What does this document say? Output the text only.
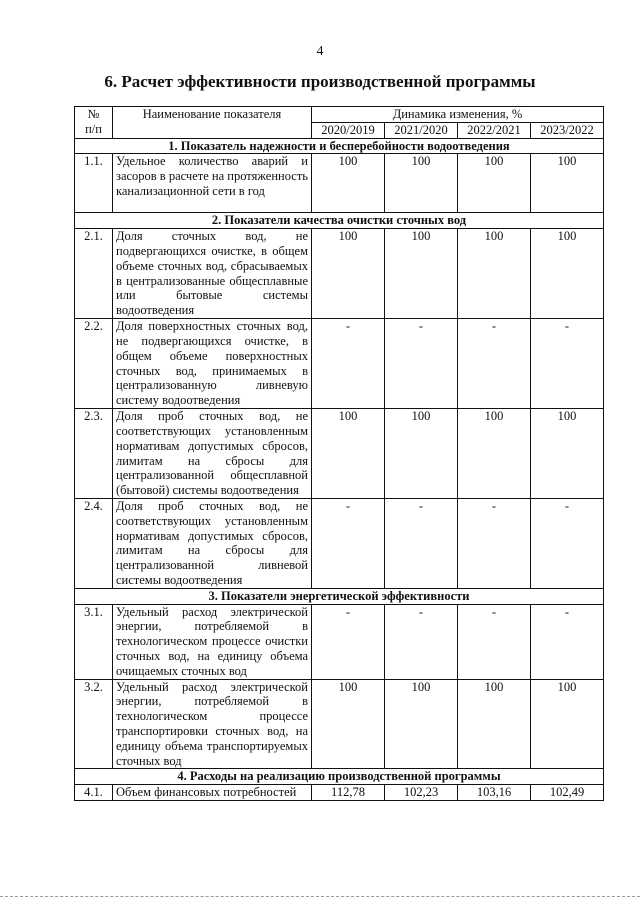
4
6. Расчет эффективности производственной программы
№
п/п	Наименование показателя	Динамика изменения, %			
		2020/2019	2021/2020	2022/2021	2023/2022
1. Показатель надежности и бесперебойности водоотведения					
1.1.	Удельное количество аварий и засоров в расчете на протяженность канализационной сети в год	100	100	100	100
2. Показатели качества очистки сточных вод					
2.1.	Доля сточных вод, не подвергающихся очистке, в общем объеме сточных вод, сбрасываемых в централизованные общесплавные или бытовые системы водоотведения	100	100	100	100
2.2.	Доля поверхностных сточных вод, не подвергающихся очистке, в общем объеме поверхностных сточных вод, принимаемых в централизованную ливневую систему водоотведения	-	-	-	-
2.3.	Доля проб сточных вод, не соответствующих установленным нормативам допустимых сбросов, лимитам на сбросы для централизованной общесплавной (бытовой) системы водоотведения	100	100	100	100
2.4.	Доля проб сточных вод, не соответствующих установленным нормативам допустимых сбросов, лимитам на сбросы для централизованной ливневой системы водоотведения	-	-	-	-
3. Показатели энергетической эффективности					
3.1.	Удельный расход электрической энергии, потребляемой в технологическом процессе очистки сточных вод, на единицу объема очищаемых сточных вод	-	-	-	-
3.2.	Удельный расход электрической энергии, потребляемой в технологическом процессе транспортировки сточных вод, на единицу объема транспортируемых сточных вод	100	100	100	100
4. Расходы на реализацию производственной программы					
4.1.	Объем финансовых потребностей	112,78	102,23	103,16	102,49
